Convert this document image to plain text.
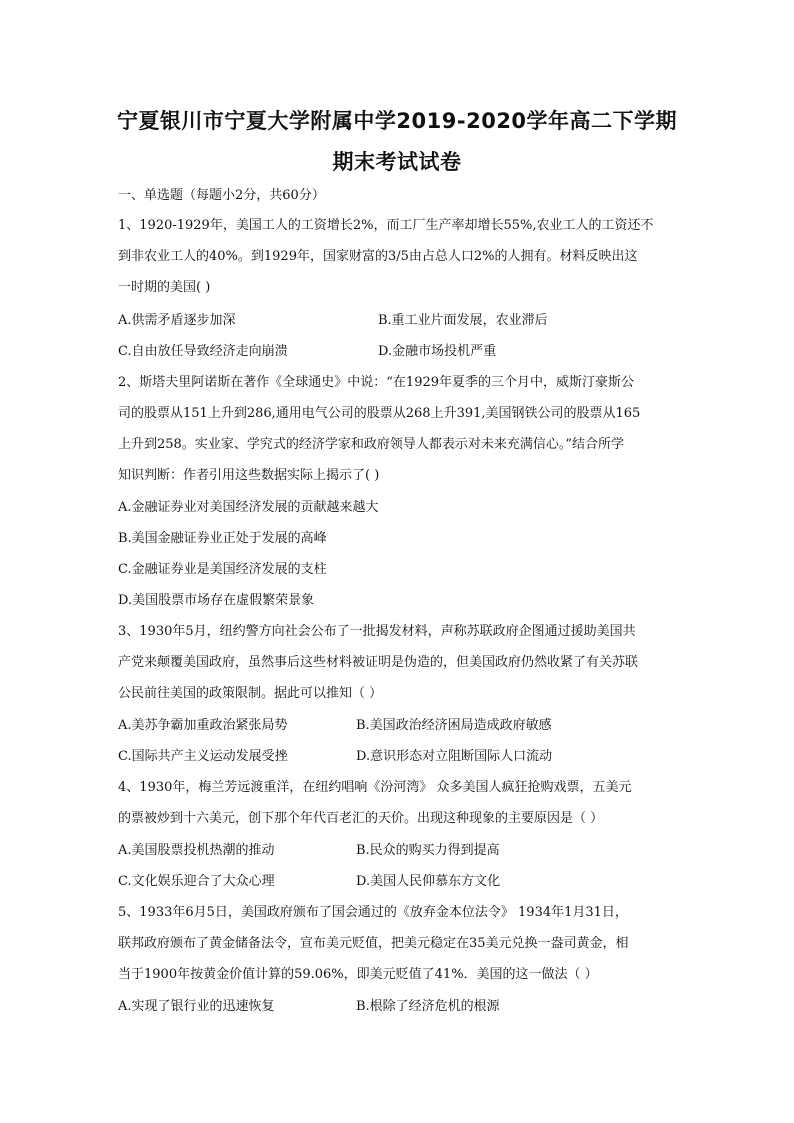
宁夏银川市宁夏大学附属中学2019-2020学年高二下学期
期末考试试卷
一、单选题（每题小2分，共60分）
1、1920-1929年，美国工人的工资增长2%，而工厂生产率却增长55%,农业工人的工资还不
到非农业工人的40%。到1929年，国家财富的3/5由占总人口2%的人拥有。材料反映出这
一时期的美国( )
A.供需矛盾逐步加深	B.重工业片面发展，农业滞后
C.自由放任导致经济走向崩溃	D.金融市场投机严重
2、斯塔夫里阿诺斯在著作《全球通史》中说：“在1929年夏季的三个月中，威斯汀豪斯公
司的股票从151上升到286,通用电气公司的股票从268上升391,美国钢铁公司的股票从165
上升到258。实业家、学究式的经济学家和政府领导人都表示对未来充满信心。”结合所学
知识判断：作者引用这些数据实际上揭示了( )
A.金融证券业对美国经济发展的贡献越来越大
B.美国金融证券业正处于发展的高峰
C.金融证券业是美国经济发展的支柱
D.美国股票市场存在虚假繁荣景象
3、1930年5月，纽约警方向社会公布了一批揭发材料，声称苏联政府企图通过援助美国共
产党来颠覆美国政府，虽然事后这些材料被证明是伪造的，但美国政府仍然收紧了有关苏联
公民前往美国的政策限制。据此可以推知（ ）
A.美苏争霸加重政治紧张局势	B.美国政治经济困局造成政府敏感
C.国际共产主义运动发展受挫	D.意识形态对立阻断国际人口流动
4、1930年，梅兰芳远渡重洋，在纽约唱响《汾河湾》 众多美国人疯狂抢购戏票，五美元
的票被炒到十六美元，创下那个年代百老汇的天价。出现这种现象的主要原因是（ ）
A.美国股票投机热潮的推动	B.民众的购买力得到提高
C.文化娱乐迎合了大众心理	D.美国人民仰慕东方文化
5、1933年6月5日，美国政府颁布了国会通过的《放弃金本位法令》 1934年1月31日，
联邦政府颁布了黄金储备法令，宣布美元贬值，把美元稳定在35美元兑换一盎司黄金，相
当于1900年按黄金价值计算的59.06%，即美元贬值了41%．美国的这一做法（ ）
A.实现了银行业的迅速恢复	B.根除了经济危机的根源
